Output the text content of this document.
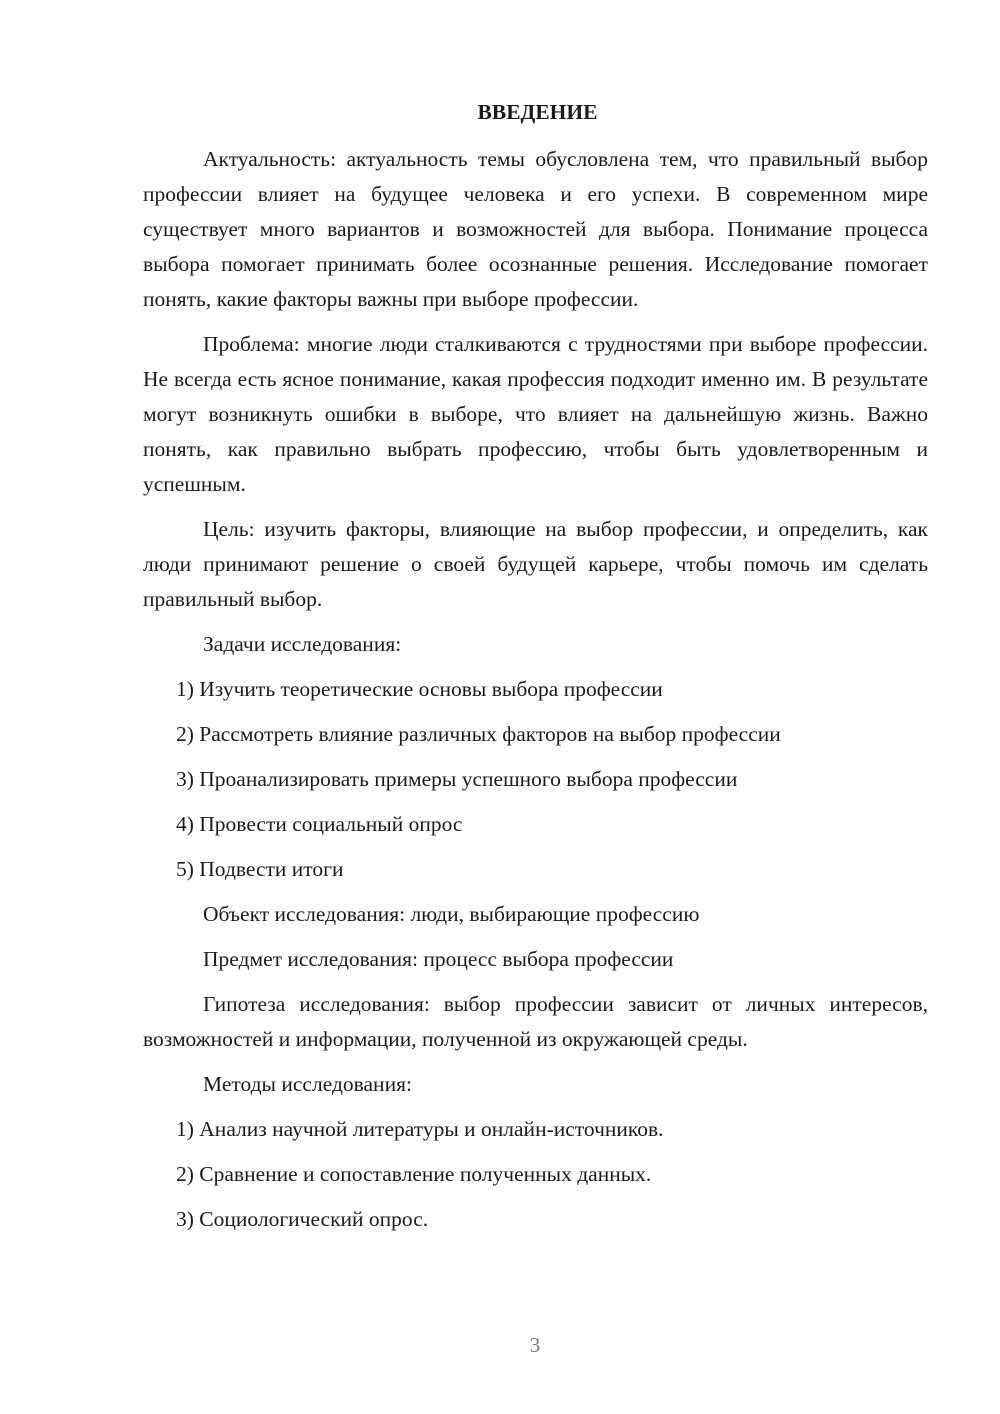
ВВЕДЕНИЕ

Актуальность: актуальность темы обусловлена тем, что правильный выбор профессии влияет на будущее человека и его успехи. В современном мире существует много вариантов и возможностей для выбора. Понимание процесса выбора помогает принимать более осознанные решения. Исследование помогает понять, какие факторы важны при выборе профессии.

Проблема: многие люди сталкиваются с трудностями при выборе профессии. Не всегда есть ясное понимание, какая профессия подходит именно им. В результате могут возникнуть ошибки в выборе, что влияет на дальнейшую жизнь. Важно понять, как правильно выбрать профессию, чтобы быть удовлетворенным и успешным.

Цель: изучить факторы, влияющие на выбор профессии, и определить, как люди принимают решение о своей будущей карьере, чтобы помочь им сделать правильный выбор.

Задачи исследования:

1) Изучить теоретические основы выбора профессии

2) Рассмотреть влияние различных факторов на выбор профессии

3) Проанализировать примеры успешного выбора профессии

4) Провести социальный опрос

5) Подвести итоги

Объект исследования: люди, выбирающие профессию

Предмет исследования: процесс выбора профессии

Гипотеза исследования: выбор профессии зависит от личных интересов, возможностей и информации, полученной из окружающей среды.

Методы исследования:

1) Анализ научной литературы и онлайн-источников.

2) Сравнение и сопоставление полученных данных.

3) Социологический опрос.

3
